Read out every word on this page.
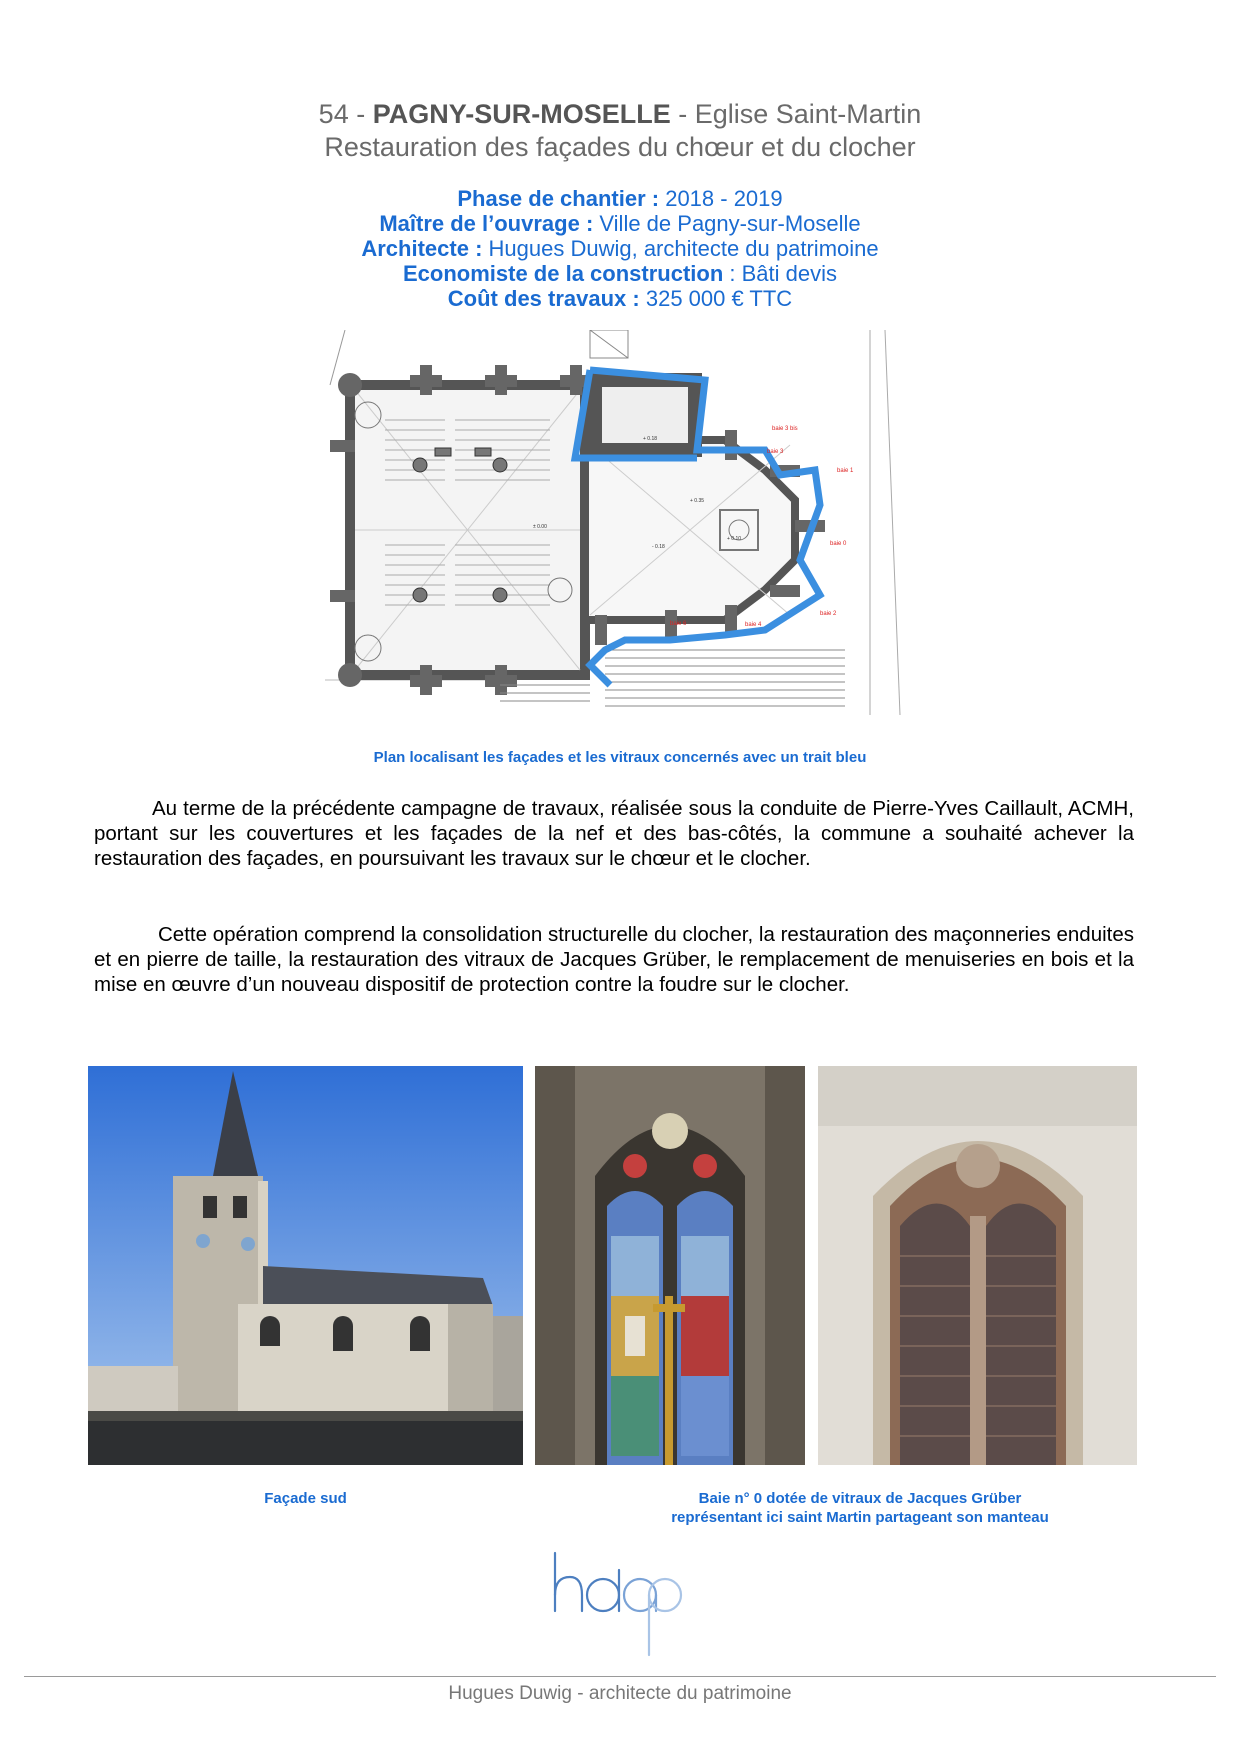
54 - PAGNY-SUR-MOSELLE - Eglise Saint-Martin
Restauration des façades du chœur et du clocher
Phase de chantier : 2018 - 2019
Maître de l’ouvrage : Ville de Pagny-sur-Moselle
Architecte : Hugues Duwig, architecte du patrimoine
Economiste de la construction : Bâti devis
Coût des travaux : 325 000 € TTC
baie 3 bis
baie 3
baie 1
baie 0
baie 2
baie 4
baie 6
+ 0.18
+ 0.35
± 0.00
- 0.18
+ 0.10
Plan localisant les façades et les vitraux concernés avec un trait bleu
Au terme de la précédente campagne de travaux, réalisée sous la conduite de Pierre-Yves Caillault, ACMH, portant sur les couvertures et les façades de la nef et des bas-côtés, la commune a souhaité achever la restauration des façades, en poursuivant les travaux sur le chœur et le clocher.
Cette opération comprend la consolidation structurelle du clocher, la restauration des maçonneries enduites et en pierre de taille, la restauration des vitraux de Jacques Grüber, le remplacement de menuiseries en bois et la mise en œuvre d’un nouveau dispositif de protection contre la foudre sur le clocher.
Façade sud	Baie n° 0 dotée de vitraux de Jacques Grüber
représentant ici saint Martin partageant son manteau
Hugues Duwig - architecte du patrimoine
